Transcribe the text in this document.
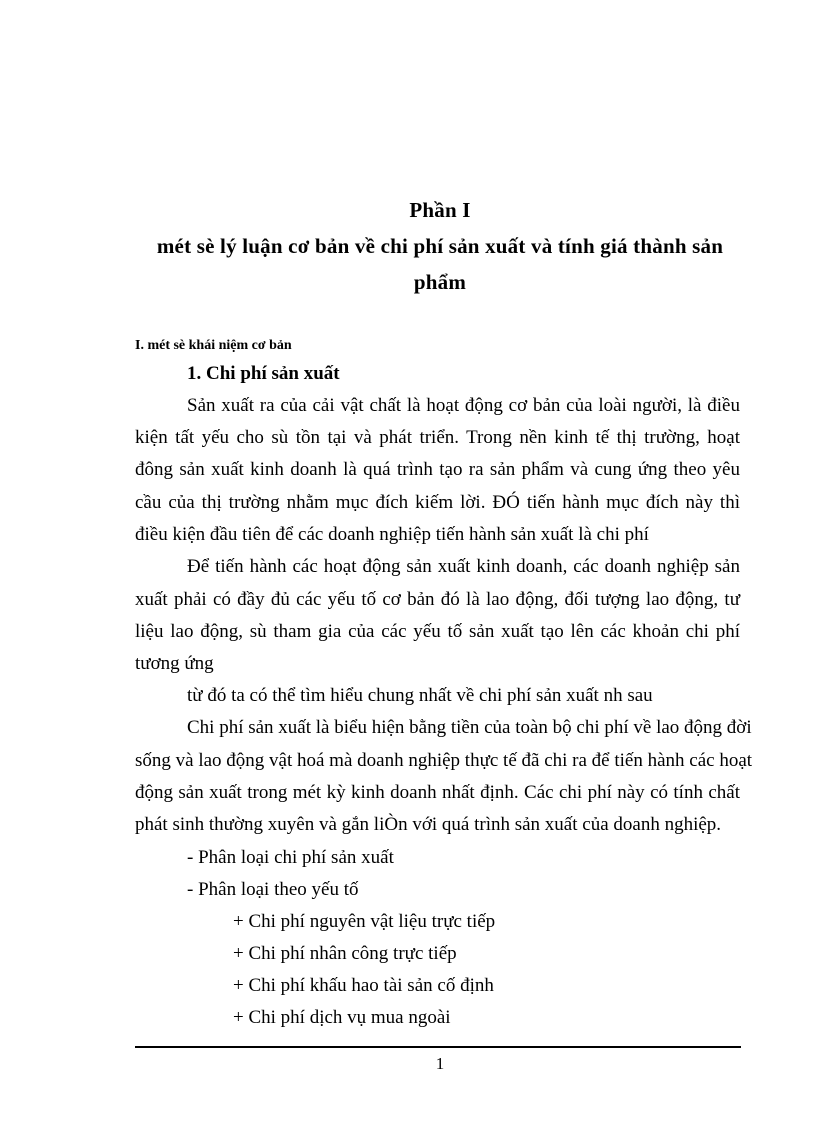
Phần I
mét sè lý luận cơ bản về chi phí sản xuất và tính giá thành sản
phẩm
I. mét sè khái niệm cơ bản
1. Chi phí sản xuất
Sản xuất ra của cải vật chất là hoạt động cơ bản của loài người, là điều
kiện tất yếu cho sù tồn tại và phát triển. Trong nền kinh tế thị trường, hoạt
đông sản xuất kinh doanh là quá trình tạo ra sản phẩm và cung ứng theo yêu
cầu của thị trường nhằm mục đích kiếm lời. ĐÓ tiến hành mục đích này thì
điều kiện đầu tiên để các doanh nghiệp tiến hành sản xuất là chi phí
Để tiến hành các hoạt động sản xuất kinh doanh, các doanh nghiệp sản
xuất phải có đầy đủ các yếu tố cơ bản đó là lao động, đối tượng lao động, tư
liệu lao động, sù tham gia của các yếu tố sản xuất tạo lên các khoản chi phí
tương ứng
từ đó ta có thể tìm hiểu chung nhất về chi phí sản xuất nh sau
Chi phí sản xuất là biểu hiện bằng tiền của toàn bộ chi phí về lao động đời
sống và lao động vật hoá mà doanh nghiệp thực tế đã chi ra để tiến hành các hoạt
động sản xuất trong mét kỳ kinh doanh nhất định. Các chi phí này có tính chất
phát sinh thường xuyên và gắn liÒn với quá trình sản xuất của doanh nghiệp.
- Phân loại chi phí sản xuất
- Phân loại theo yếu tố
+ Chi phí nguyên vật liệu trực tiếp
+ Chi phí nhân công trực tiếp
+ Chi phí khấu hao tài sản cố định
+ Chi phí dịch vụ mua ngoài
1
